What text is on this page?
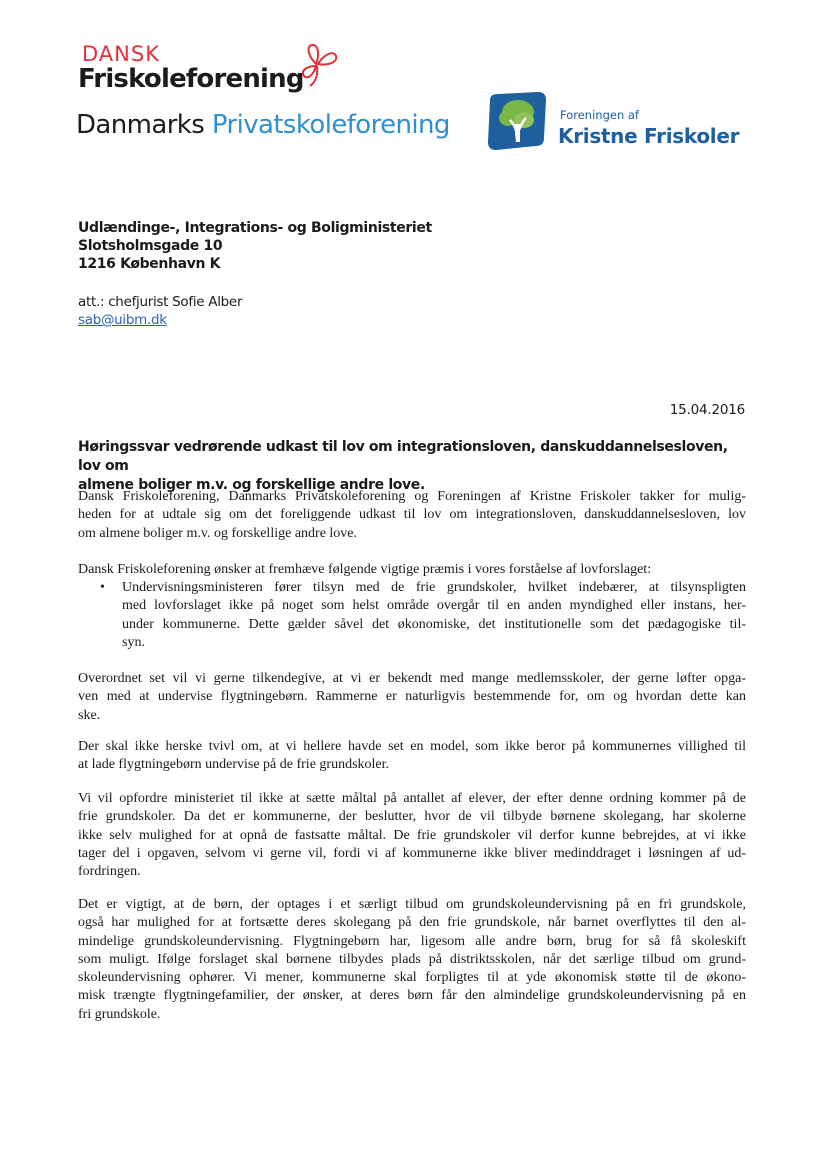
DANSK
Friskoleforening
Danmarks Privatskoleforening	Foreningen af
Kristne Friskoler
Udlændinge-, Integrations- og Boligministeriet
Slotsholmsgade 10
1216 København K
att.: chefjurist Sofie Alber
sab@uibm.dk
15.04.2016
Høringssvar vedrørende udkast til lov om integrationsloven, danskuddannelsesloven, lov om
almene boliger m.v. og forskellige andre love.
Dansk Friskoleforening, Danmarks Privatskoleforening og Foreningen af Kristne Friskoler takker for mulig-
heden for at udtale sig om det foreliggende udkast til lov om integrationsloven, danskuddannelsesloven, lov
om almene boliger m.v. og forskellige andre love.
Dansk Friskoleforening ønsker at fremhæve følgende vigtige præmis i vores forståelse af lovforslaget:
• Undervisningsministeren fører tilsyn med de frie grundskoler, hvilket indebærer, at tilsynspligten
med lovforslaget ikke på noget som helst område overgår til en anden myndighed eller instans, her-
under kommunerne. Dette gælder såvel det økonomiske, det institutionelle som det pædagogiske til-
syn.
Overordnet set vil vi gerne tilkendegive, at vi er bekendt med mange medlemsskoler, der gerne løfter opga-
ven med at undervise flygtningebørn. Rammerne er naturligvis bestemmende for, om og hvordan dette kan
ske.
Der skal ikke herske tvivl om, at vi hellere havde set en model, som ikke beror på kommunernes villighed til
at lade flygtningebørn undervise på de frie grundskoler.
Vi vil opfordre ministeriet til ikke at sætte måltal på antallet af elever, der efter denne ordning kommer på de
frie grundskoler. Da det er kommunerne, der beslutter, hvor de vil tilbyde børnene skolegang, har skolerne
ikke selv mulighed for at opnå de fastsatte måltal. De frie grundskoler vil derfor kunne bebrejdes, at vi ikke
tager del i opgaven, selvom vi gerne vil, fordi vi af kommunerne ikke bliver medinddraget i løsningen af ud-
fordringen.
Det er vigtigt, at de børn, der optages i et særligt tilbud om grundskoleundervisning på en fri grundskole,
også har mulighed for at fortsætte deres skolegang på den frie grundskole, når barnet overflyttes til den al-
mindelige grundskoleundervisning. Flygtningebørn har, ligesom alle andre børn, brug for så få skoleskift
som muligt. Ifølge forslaget skal børnene tilbydes plads på distriktsskolen, når det særlige tilbud om grund-
skoleundervisning ophører. Vi mener, kommunerne skal forpligtes til at yde økonomisk støtte til de økono-
misk trængte flygtningefamilier, der ønsker, at deres børn får den almindelige grundskoleundervisning på en
fri grundskole.
